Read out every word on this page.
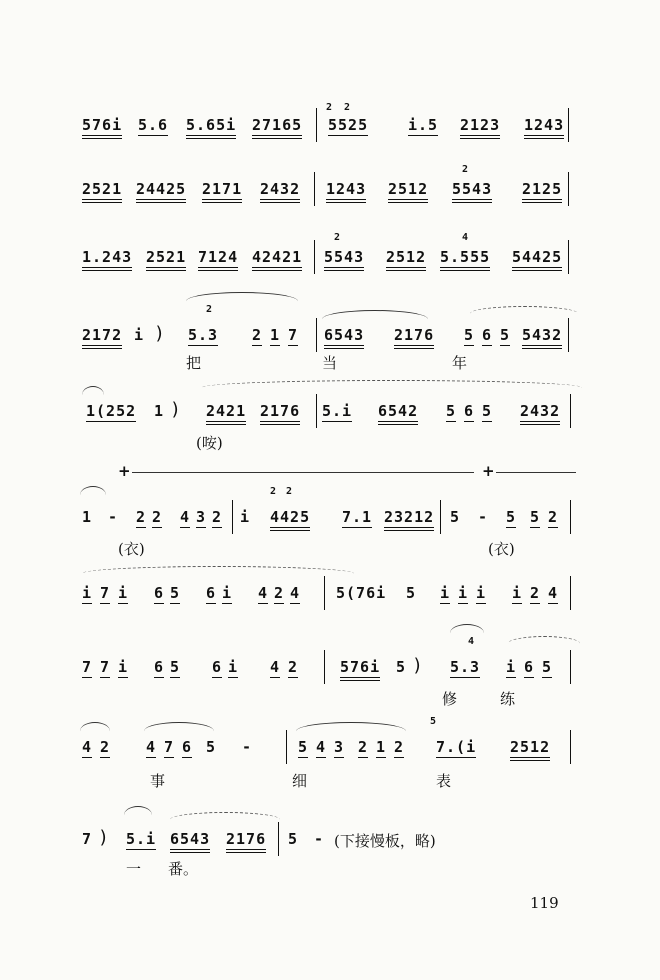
576i 5.6 5.65i 27165
2 2
5525	i.5 2123 1243
2521 24425 2171 2432 1243 2512
2
5543 2125
1.243 2521 7124 42421
2
5543 2512
4
5.555 54425
2172 i )
2
5.3 2 1 7 6543 2176 5 6 5 5432
把	当	年
1(252 1 ) 2421 2176 5.i 6542 5 6 5 2432
(咹)
+	+
1 - 2 2 4 3 2 i
2 2
4425 7.1 23212 5 - 5 5 2
(衣)	(衣)
i 7 i 6 5 6 i 4 2 4 5(76i 5 i i i i 2 4
7 7 i 6 5 6 i 4 2	576i 5 )
4
5.3 i 6 5
修	练
4 2 4 7 6 5 -	5 4 3 2 1 2
5
7.(i 2512
事	细	表
7 ) 5.i 6543 2176 5 - (下接慢板，略)
一 番。
119
